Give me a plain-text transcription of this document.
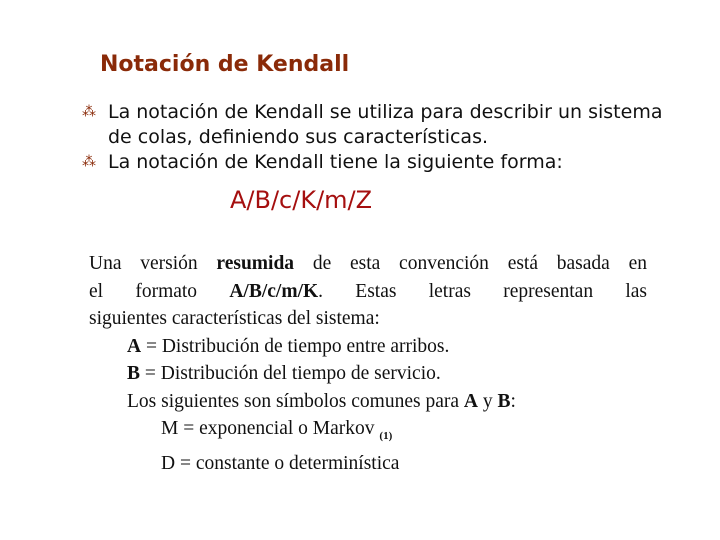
Notación de Kendall
⁂ La notación de Kendall se utiliza para describir un sistema de colas, definiendo sus características.
⁂ La notación de Kendall tiene la siguiente forma:
A/B/c/K/m/Z
Una versión resumida de esta convención está basada en
el formato A/B/c/m/K. Estas letras representan las
siguientes características del sistema:
A = Distribución de tiempo entre arribos.
B = Distribución del tiempo de servicio.
Los siguientes son símbolos comunes para A y B:
M = exponencial o Markov $_{(1)}$
D = constante o determinística
